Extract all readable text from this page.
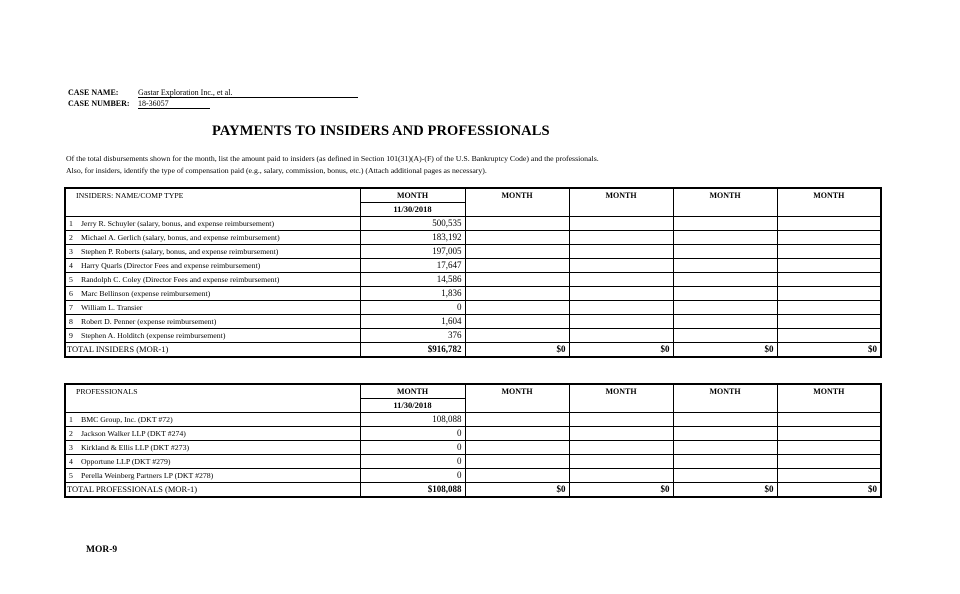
CASE NAME: Gastar Exploration Inc., et al.
CASE NUMBER: 18-36057
PAYMENTS TO INSIDERS AND PROFESSIONALS
Of the total disbursements shown for the month, list the amount paid to insiders (as defined in Section 101(31)(A)-(F) of the U.S. Bankruptcy Code) and the professionals.
Also, for insiders, identify the type of compensation paid (e.g., salary, commission, bonus, etc.) (Attach additional pages as necessary).
INSIDERS: NAME/COMP TYPE	MONTH	MONTH	MONTH	MONTH	MONTH
	11/30/2018				
1 Jerry R. Schuyler (salary, bonus, and expense reimbursement)	500,535				
2 Michael A. Gerlich (salary, bonus, and expense reimbursement)	183,192				
3 Stephen P. Roberts (salary, bonus, and expense reimbursement)	197,005				
4 Harry Quarls (Director Fees and expense reimbursement)	17,647				
5 Randolph C. Coley (Director Fees and expense reimbursement)	14,586				
6 Marc Bellinson (expense reimbursement)	1,836				
7 William L. Transier	0				
8 Robert D. Penner (expense reimbursement)	1,604				
9 Stephen A. Holditch (expense reimbursement)	376				
TOTAL INSIDERS (MOR-1)	$916,782	$0	$0	$0	$0
PROFESSIONALS	MONTH	MONTH	MONTH	MONTH	MONTH
	11/30/2018				
1 BMC Group, Inc. (DKT #72)	108,088				
2 Jackson Walker LLP (DKT #274)	0				
3 Kirkland & Ellis LLP (DKT #273)	0				
4 Opportune LLP (DKT #279)	0				
5 Perella Weinberg Partners LP (DKT #278)	0				
TOTAL PROFESSIONALS (MOR-1)	$108,088	$0	$0	$0	$0
MOR-9
